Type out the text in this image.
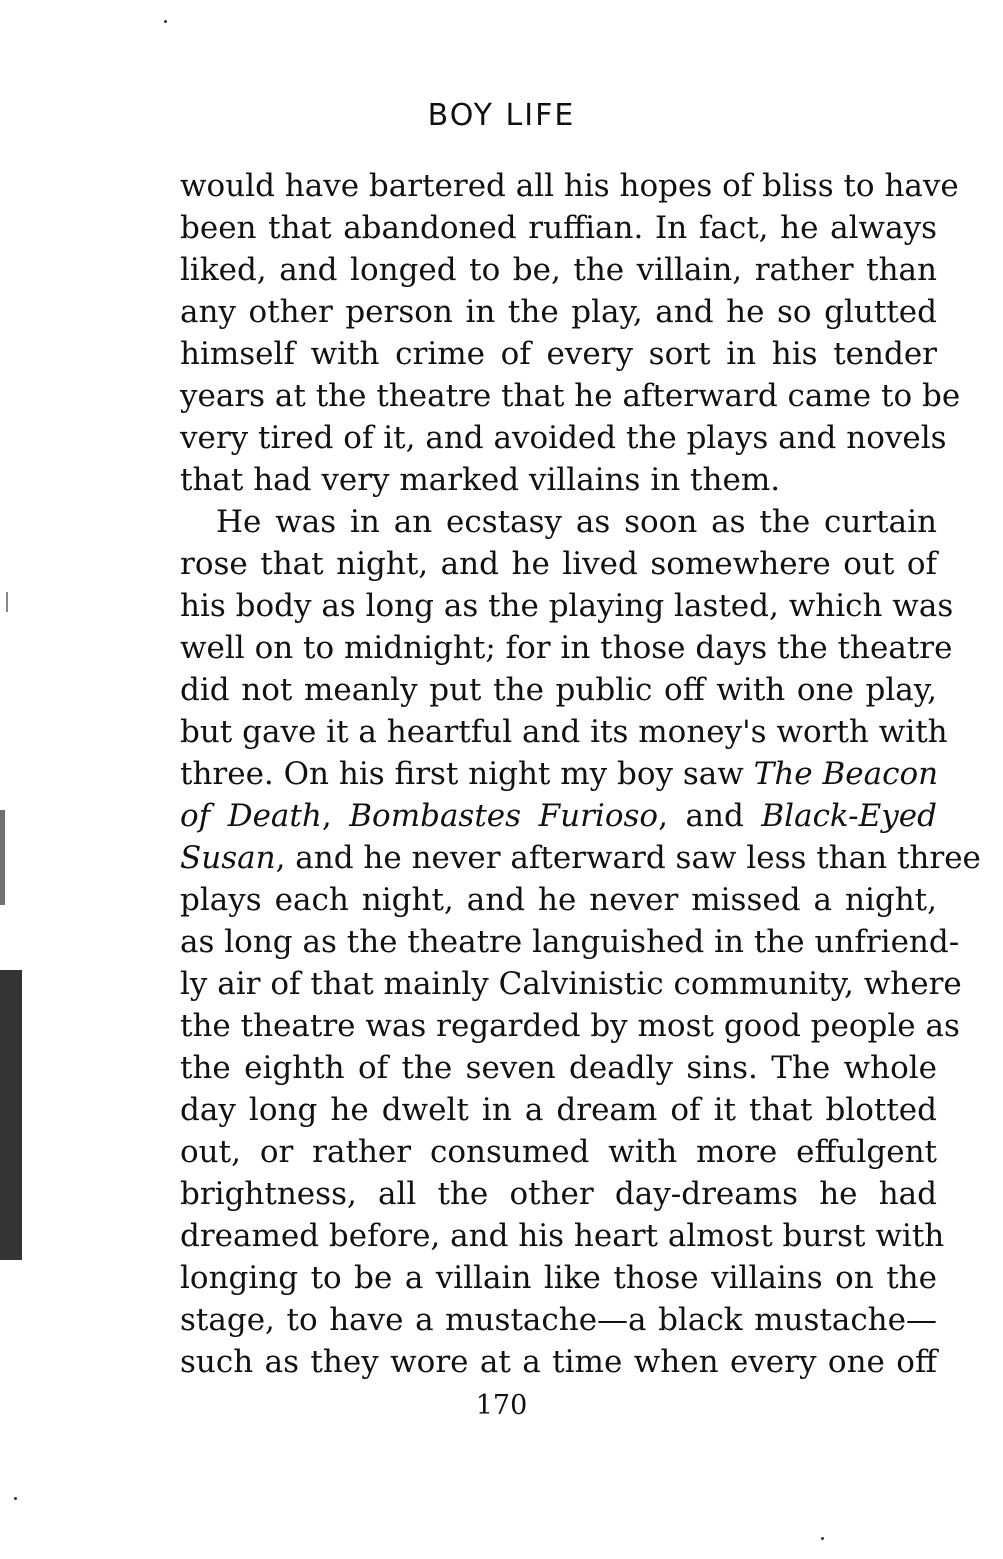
BOY LIFE
would have bartered all his hopes of bliss to have
been that abandoned ruffian. In fact, he always
liked, and longed to be, the villain, rather than
any other person in the play, and he so glutted
himself with crime of every sort in his tender
years at the theatre that he afterward came to be
very tired of it, and avoided the plays and novels
that had very marked villains in them.
He was in an ecstasy as soon as the curtain
rose that night, and he lived somewhere out of
his body as long as the playing lasted, which was
well on to midnight; for in those days the theatre
did not meanly put the public off with one play,
but gave it a heartful and its money's worth with
three. On his first night my boy saw The Beacon
of Death, Bombastes Furioso, and Black-Eyed
Susan, and he never afterward saw less than three
plays each night, and he never missed a night,
as long as the theatre languished in the unfriend-
ly air of that mainly Calvinistic community, where
the theatre was regarded by most good people as
the eighth of the seven deadly sins. The whole
day long he dwelt in a dream of it that blotted
out, or rather consumed with more effulgent
brightness, all the other day-dreams he had
dreamed before, and his heart almost burst with
longing to be a villain like those villains on the
stage, to have a mustache—a black mustache—
such as they wore at a time when every one off
170
